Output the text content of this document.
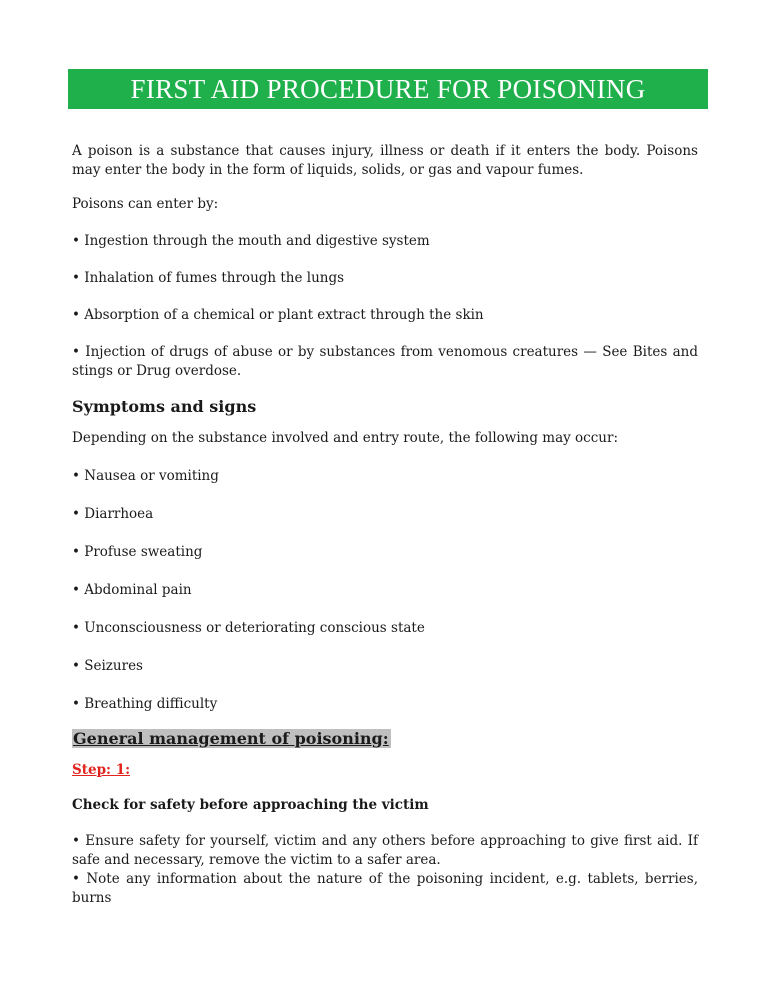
FIRST AID PROCEDURE FOR POISONING

A poison is a substance that causes injury, illness or death if it enters the body. Poisons may enter the body in the form of liquids, solids, or gas and vapour fumes.

Poisons can enter by:

• Ingestion through the mouth and digestive system

• Inhalation of fumes through the lungs

• Absorption of a chemical or plant extract through the skin

• Injection of drugs of abuse or by substances from venomous creatures — See Bites and stings or Drug overdose.

Symptoms and signs

Depending on the substance involved and entry route, the following may occur:

• Nausea or vomiting

• Diarrhoea

• Profuse sweating

• Abdominal pain

• Unconsciousness or deteriorating conscious state

• Seizures

• Breathing difficulty

General management of poisoning:

Step: 1:

Check for safety before approaching the victim

• Ensure safety for yourself, victim and any others before approaching to give first aid. If safe and necessary, remove the victim to a safer area.

• Note any information about the nature of the poisoning incident, e.g. tablets, berries, burns
